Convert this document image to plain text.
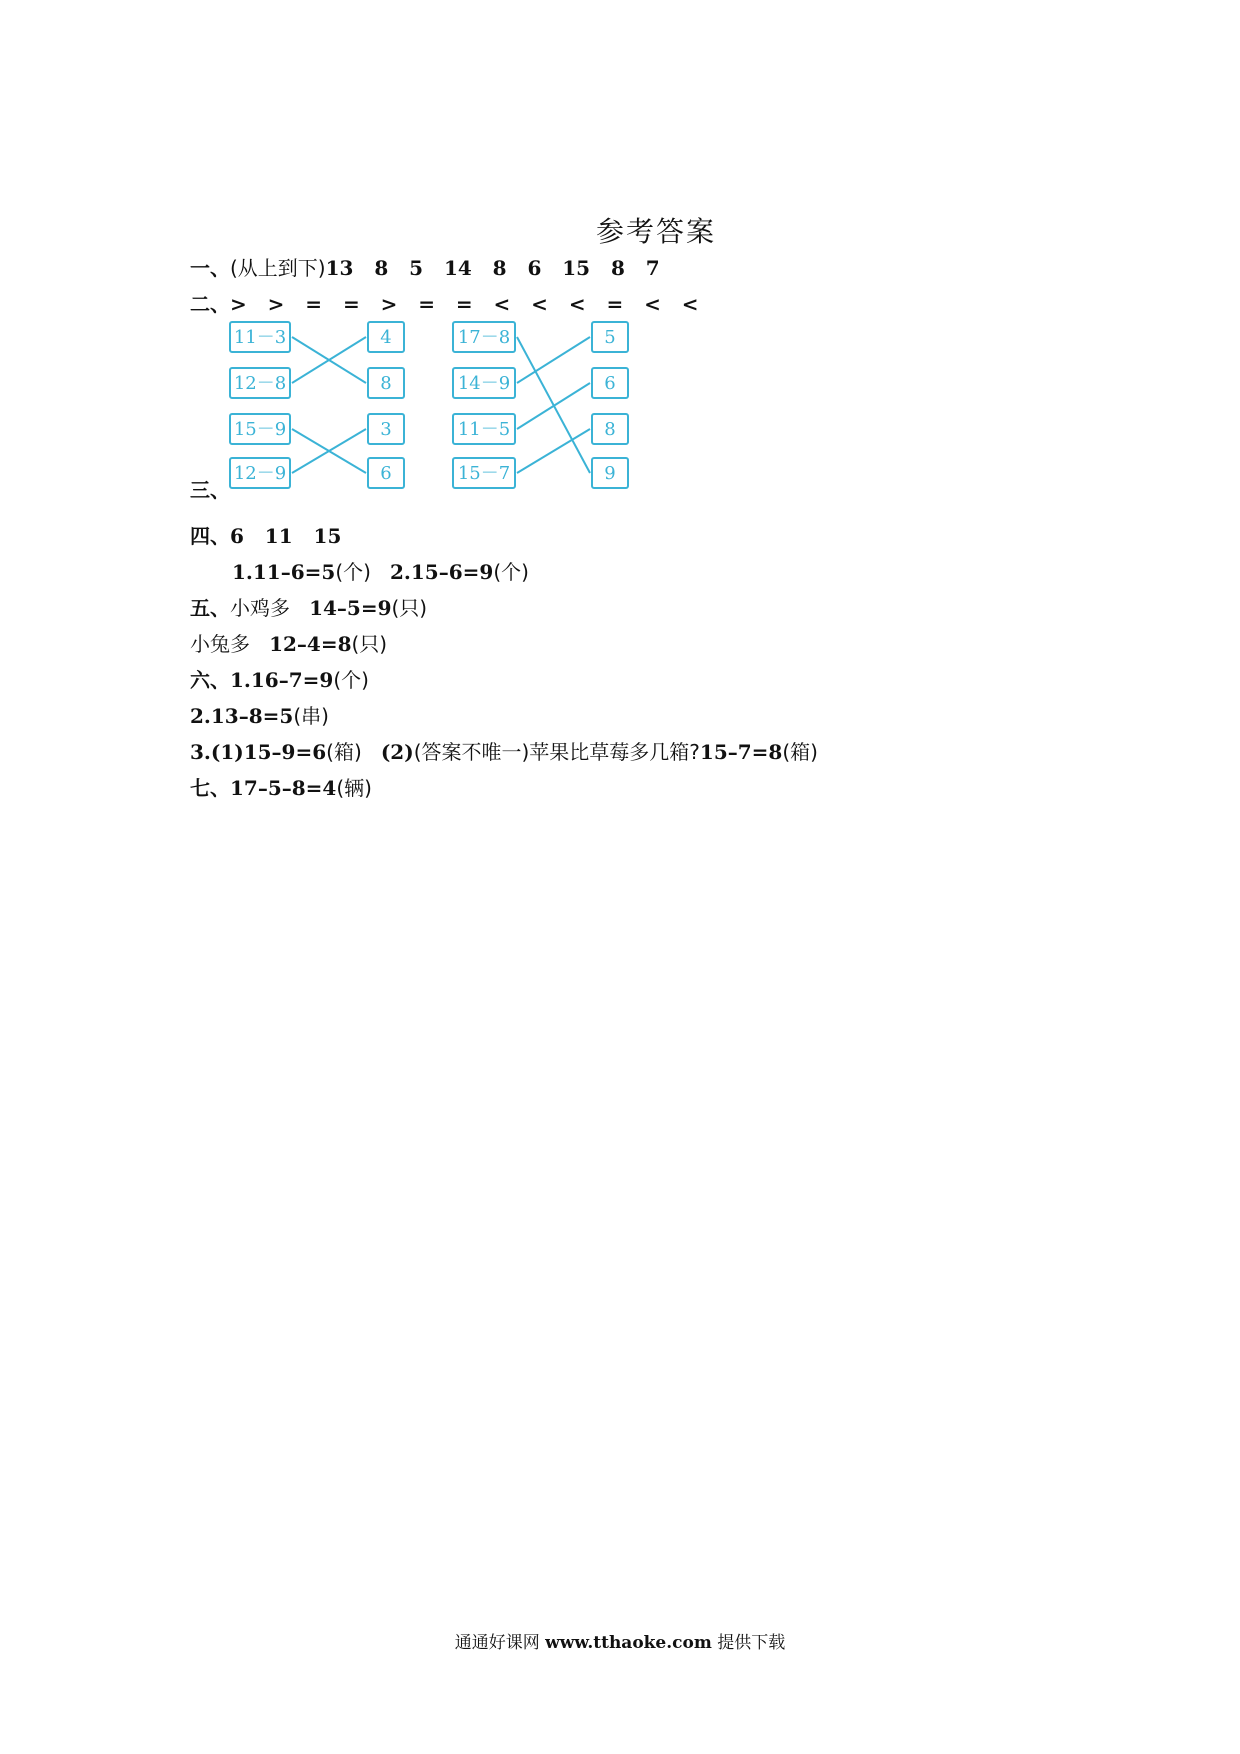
参考答案
一、(从上到下)13   8   5   14   8   6   15   8   7
二、>   >   =   =   >   =   =   <   <   <   =   <   <
11－3
12－8
15－9
12－9
4
8
3
6
17－8
14－9
11－5
15－7
5
6
8
9
三、
四、6   11   15
1.11–6=5(个) 2.15–6=9(个)
五、小鸡多 14–5=9(只)
小兔多 12–4=8(只)
六、1.16–7=9(个)
2.13–8=5(串)
3.(1)15–9=6(箱) (2)(答案不唯一)苹果比草莓多几箱?15–7=8(箱)
七、17–5–8=4(辆)
通通好课网 www.tthaoke.com 提供下载
